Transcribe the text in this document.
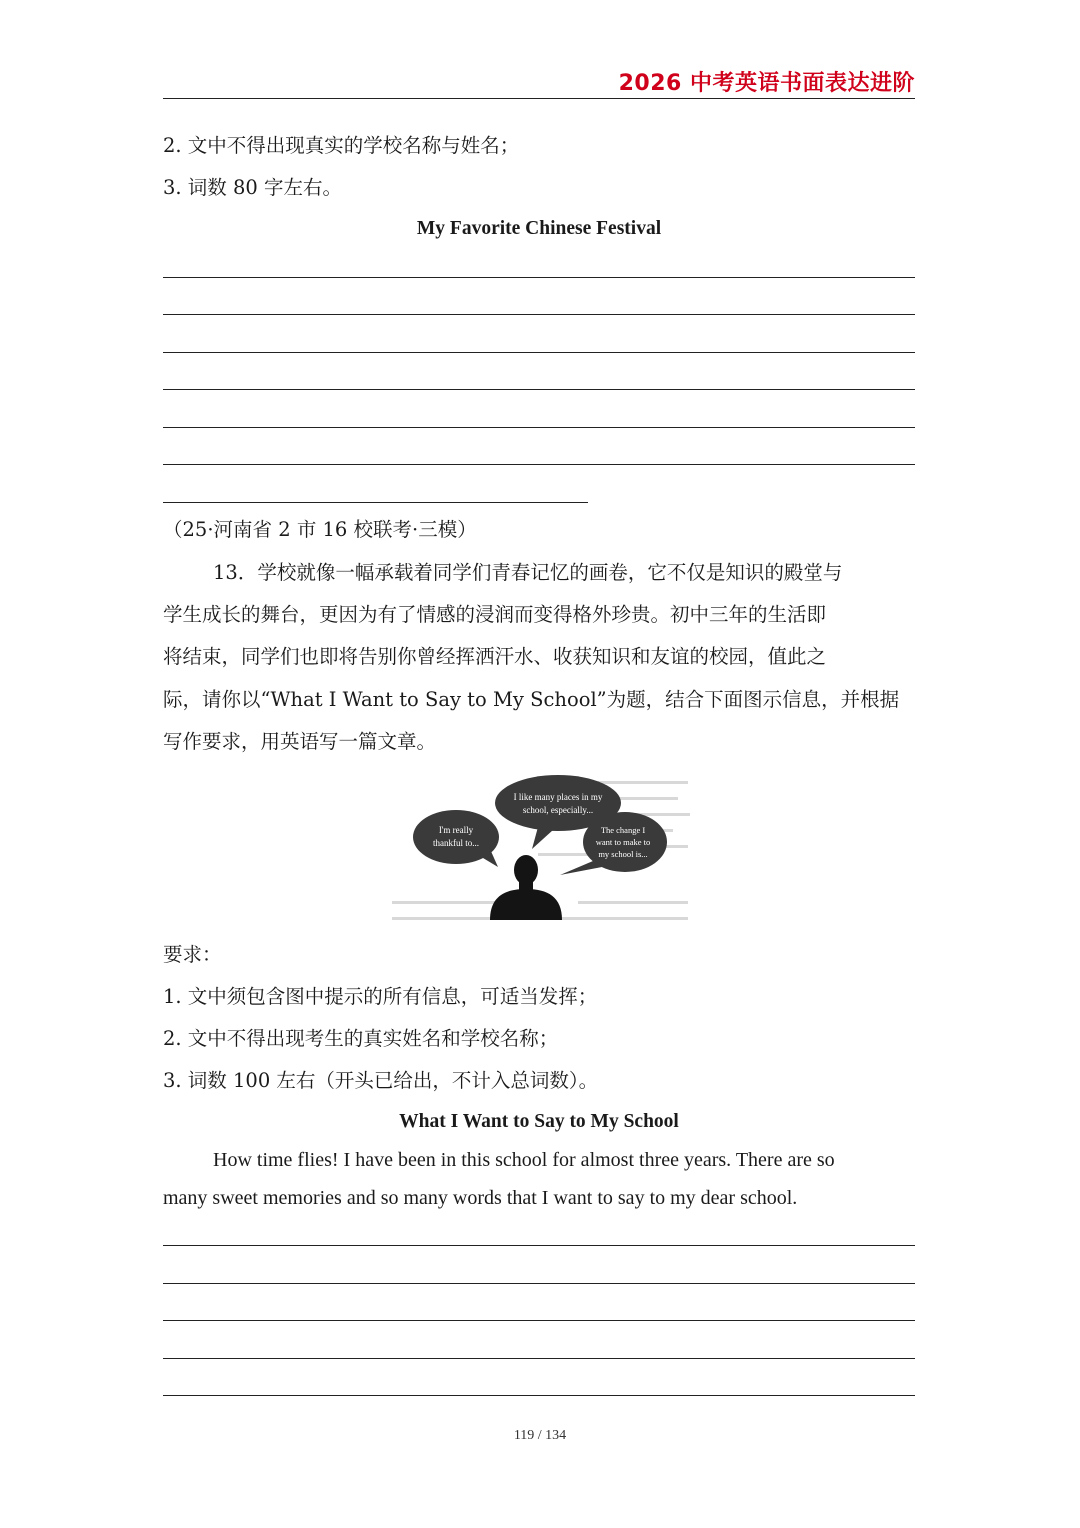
2026 中考英语书面表达进阶
2. 文中不得出现真实的学校名称与姓名；
3. 词数 80 字左右。
My Favorite Chinese Festival
（25·河南省 2 市 16 校联考·三模）
13．学校就像一幅承载着同学们青春记忆的画卷，它不仅是知识的殿堂与
学生成长的舞台，更因为有了情感的浸润而变得格外珍贵。初中三年的生活即
将结束，同学们也即将告别你曾经挥洒汗水、收获知识和友谊的校园，值此之
际，请你以“What I Want to Say to My School”为题，结合下面图示信息，并根据
写作要求，用英语写一篇文章。
I'm really
thankful to...
I like many places in my
school, especially...
The change I
want to make to
my school is...
要求：
1. 文中须包含图中提示的所有信息，可适当发挥；
2. 文中不得出现考生的真实姓名和学校名称；
3. 词数 100 左右（开头已给出，不计入总词数）。
What I Want to Say to My School
How time flies! I have been in this school for almost three years. There are so
many sweet memories and so many words that I want to say to my dear school.
119 / 134
